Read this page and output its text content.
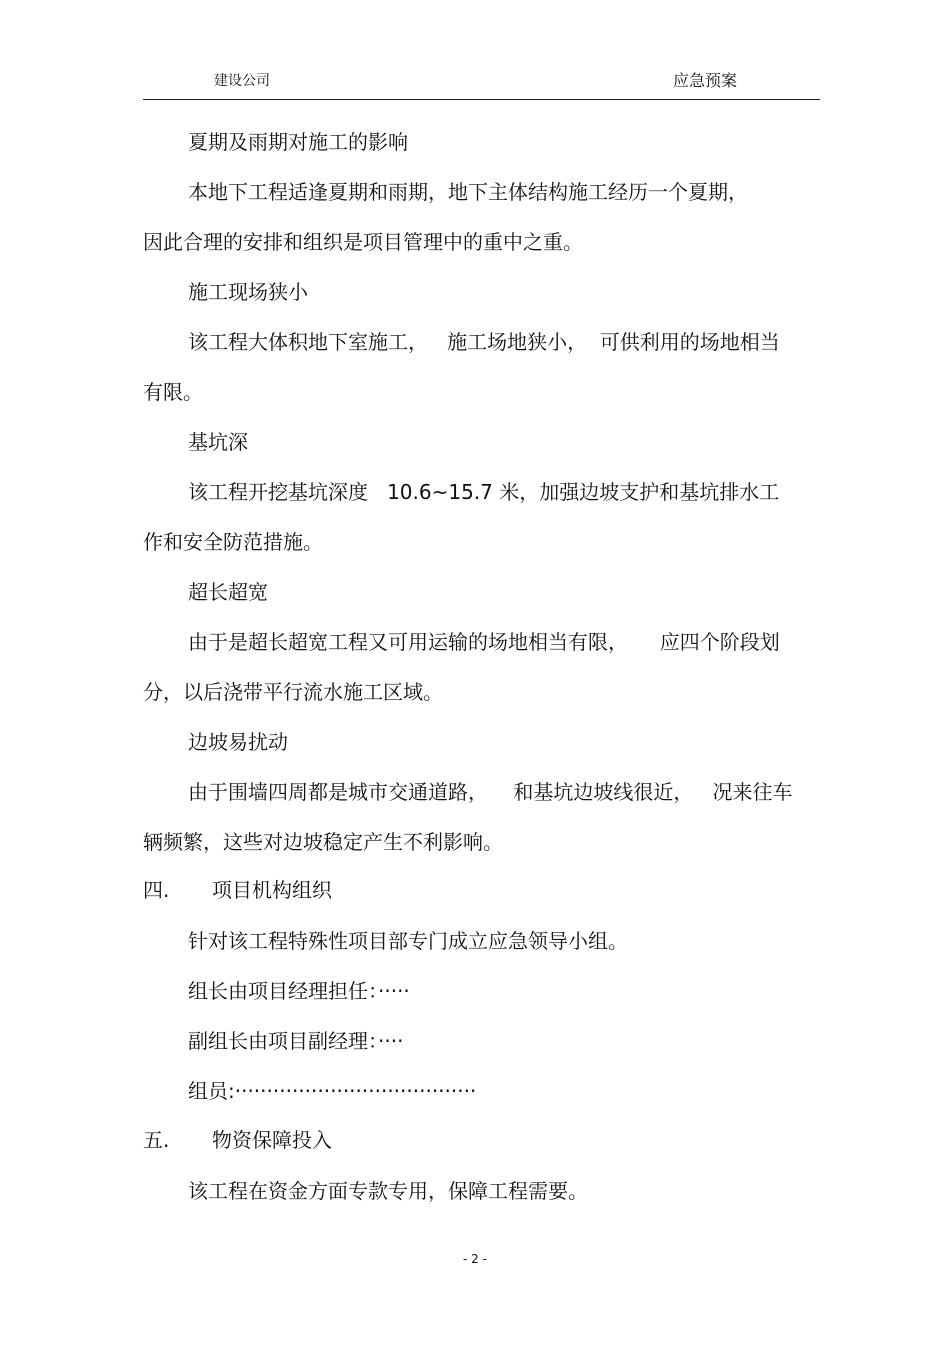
建设公司	应急预案
夏期及雨期对施工的影响
本地下工程适逢夏期和雨期，地下主体结构施工经历一个夏期，
因此合理的安排和组织是项目管理中的重中之重。
施工现场狭小
该工程大体积地下室施工，   施工场地狭小，  可供利用的场地相当
有限。
基坑深
该工程开挖基坑深度   10.6~15.7 米，加强边坡支护和基坑排水工
作和安全防范措施。
超长超宽
由于是超长超宽工程又可用运输的场地相当有限，     应四个阶段划
分，以后浇带平行流水施工区域。
边坡易扰动
由于围墙四周都是城市交通道路，    和基坑边坡线很近，   况来往车
辆频繁，这些对边坡稳定产生不利影响。
四. 项目机构组织
针对该工程特殊性项目部专门成立应急领导小组。
组长由项目经理担任：·····
副组长由项目副经理：····
组员:······································
五. 物资保障投入
该工程在资金方面专款专用，保障工程需要。
- 2 -
